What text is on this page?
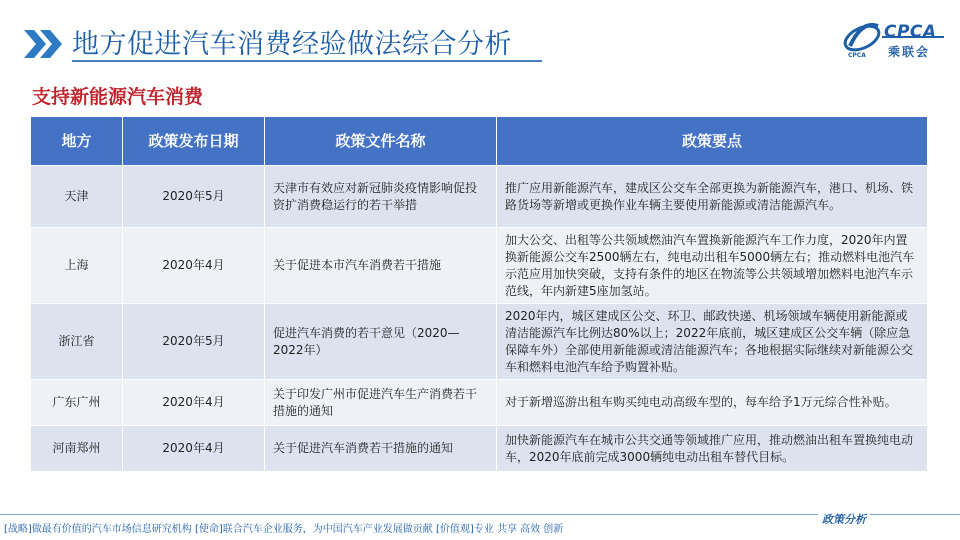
地方促进汽车消费经验做法综合分析	CPCA
乘联会
CPCA
支持新能源汽车消费
地方	政策发布日期	政策文件名称	政策要点
天津	2020年5月	天津市有效应对新冠肺炎疫情影响促投资扩消费稳运行的若干举措	推广应用新能源汽车，建成区公交车全部更换为新能源汽车，港口、机场、铁路货场等新增或更换作业车辆主要使用新能源或清洁能源汽车。
上海	2020年4月	关于促进本市汽车消费若干措施	加大公交、出租等公共领域燃油汽车置换新能源汽车工作力度，2020年内置换新能源公交车2500辆左右，纯电动出租车5000辆左右；推动燃料电池汽车示范应用加快突破，支持有条件的地区在物流等公共领域增加燃料电池汽车示范线，年内新建5座加氢站。
浙江省	2020年5月	促进汽车消费的若干意见（2020—2022年）	2020年内，城区建成区公交、环卫、邮政快递、机场领域车辆使用新能源或清洁能源汽车比例达80%以上；2022年底前，城区建成区公交车辆（除应急保障车外）全部使用新能源或清洁能源汽车；各地根据实际继续对新能源公交车和燃料电池汽车给予购置补贴。
广东广州	2020年4月	关于印发广州市促进汽车生产消费若干措施的通知	对于新增巡游出租车购买纯电动高级车型的，每车给予1万元综合性补贴。
河南郑州	2020年4月	关于促进汽车消费若干措施的通知	加快新能源汽车在城市公共交通等领域推广应用，推动燃油出租车置换纯电动车，2020年底前完成3000辆纯电动出租车替代目标。
[战略]做最有价值的汽车市场信息研究机构 [使命]联合汽车企业服务，为中国汽车产业发展做贡献 [价值观]专业 共享 高效 创新
政策分析
